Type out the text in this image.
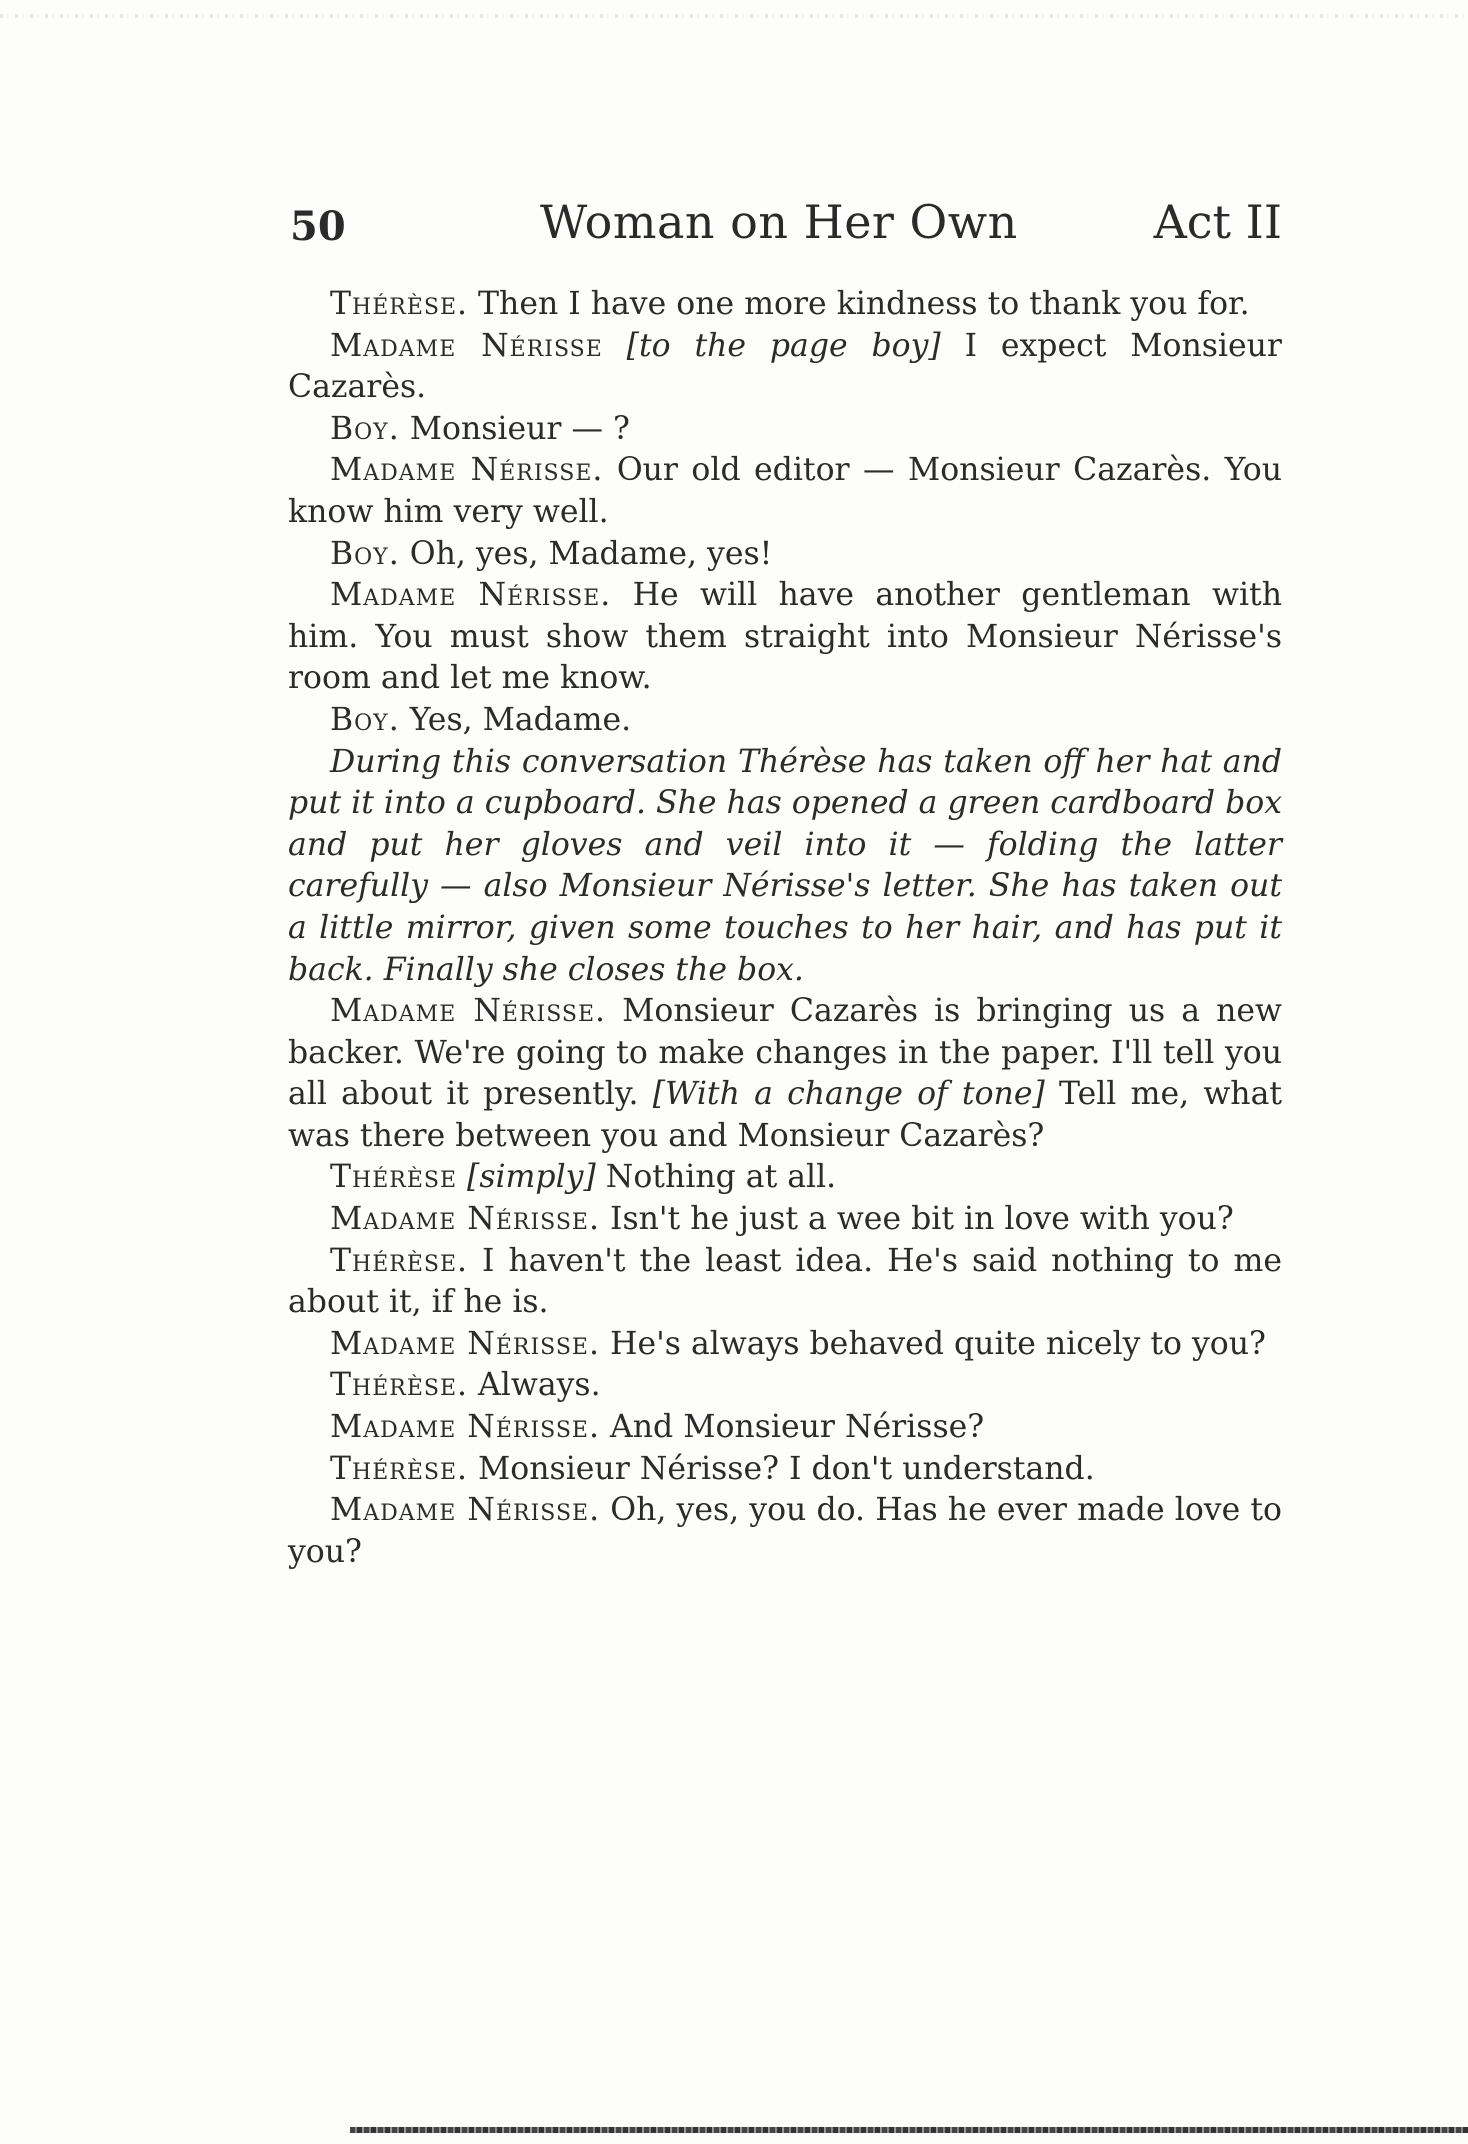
50	Woman on Her Own	Act II

Thérèse. Then I have one more kindness to thank you for.

Madame Nérisse [to the page boy] I expect Monsieur Cazarès.

Boy. Monsieur — ?

Madame Nérisse. Our old editor — Monsieur Cazarès. You know him very well.

Boy. Oh, yes, Madame, yes!

Madame Nérisse. He will have another gentleman with him. You must show them straight into Monsieur Nérisse's room and let me know.

Boy. Yes, Madame.

During this conversation Thérèse has taken off her hat and put it into a cupboard. She has opened a green cardboard box and put her gloves and veil into it — folding the latter carefully — also Monsieur Nérisse's letter. She has taken out a little mirror, given some touches to her hair, and has put it back. Finally she closes the box.

Madame Nérisse. Monsieur Cazarès is bringing us a new backer. We're going to make changes in the paper. I'll tell you all about it presently. [With a change of tone] Tell me, what was there between you and Monsieur Cazarès?

Thérèse [simply] Nothing at all.

Madame Nérisse. Isn't he just a wee bit in love with you?

Thérèse. I haven't the least idea. He's said nothing to me about it, if he is.

Madame Nérisse. He's always behaved quite nicely to you?

Thérèse. Always.

Madame Nérisse. And Monsieur Nérisse?

Thérèse. Monsieur Nérisse? I don't understand.

Madame Nérisse. Oh, yes, you do. Has he ever made love to you?
